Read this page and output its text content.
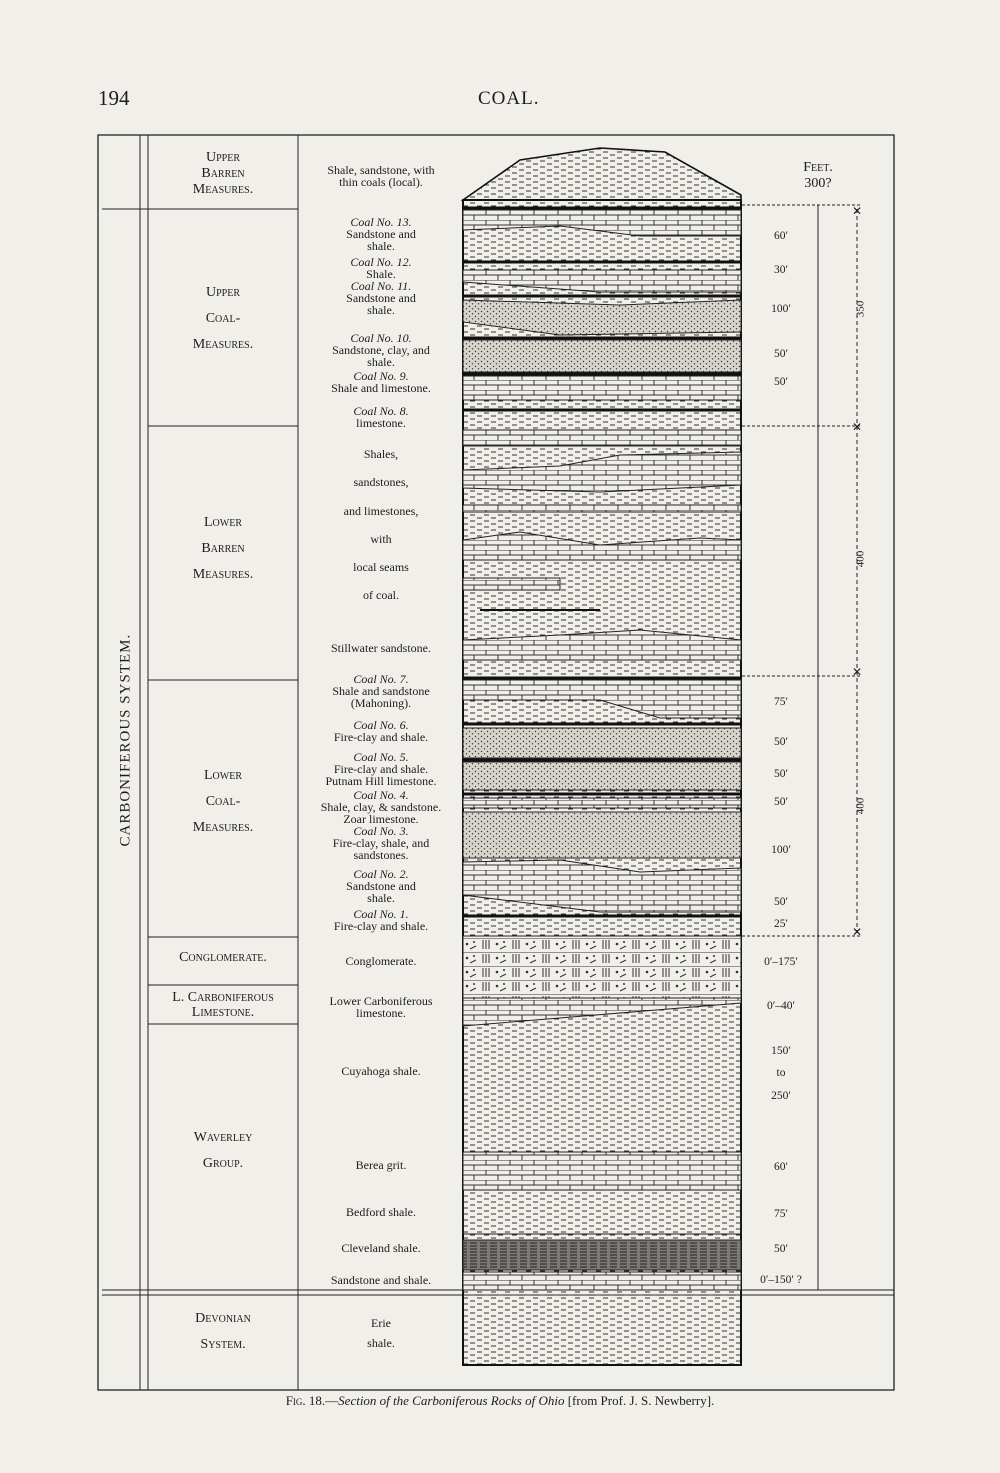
194	COAL.
✕
✕
✕
✕
CARBONIFEROUS SYSTEM.
Feet.
300?
Upper
Barren
Measures.
Upper
Coal-
Measures.
Lower
Barren
Measures.
Lower
Coal-
Measures.
Conglomerate.
L. Carboniferous
Limestone.
Waverley
Group.
Devonian
System.
Shale, sandstone, with
thin coals (local).
Coal No. 13.
Sandstone and
shale.
Coal No. 12.
Shale.
Coal No. 11.
Sandstone and
shale.
Coal No. 10.
Sandstone, clay, and
shale.
Coal No. 9.
Shale and limestone.
Coal No. 8.
limestone.
Shales,
sandstones,
and limestones,
with
local seams
of coal.
Stillwater sandstone.
Coal No. 7.
Shale and sandstone
(Mahoning).
Coal No. 6.
Fire-clay and shale.
Coal No. 5.
Fire-clay and shale.
Putnam Hill limestone.
Coal No. 4.
Shale, clay, & sandstone.
Zoar limestone.
Coal No. 3.
Fire-clay, shale, and
sandstones.
Coal No. 2.
Sandstone and
shale.
Coal No. 1.
Fire-clay and shale.
Conglomerate.
Lower Carboniferous
limestone.
Cuyahoga shale.
Berea grit.
Bedford shale.
Cleveland shale.
Sandstone and shale.
Erie
shale.
60′
30′
100′
50′
50′
75′
50′
50′
50′
100′
50′
25′
0′–175′
0′–40′
150′
to
250′
60′
75′
50′
0′–150′ ?
350
400
400
Fig. 18.—Section of the Carboniferous Rocks of Ohio [from Prof. J. S. Newberry].
